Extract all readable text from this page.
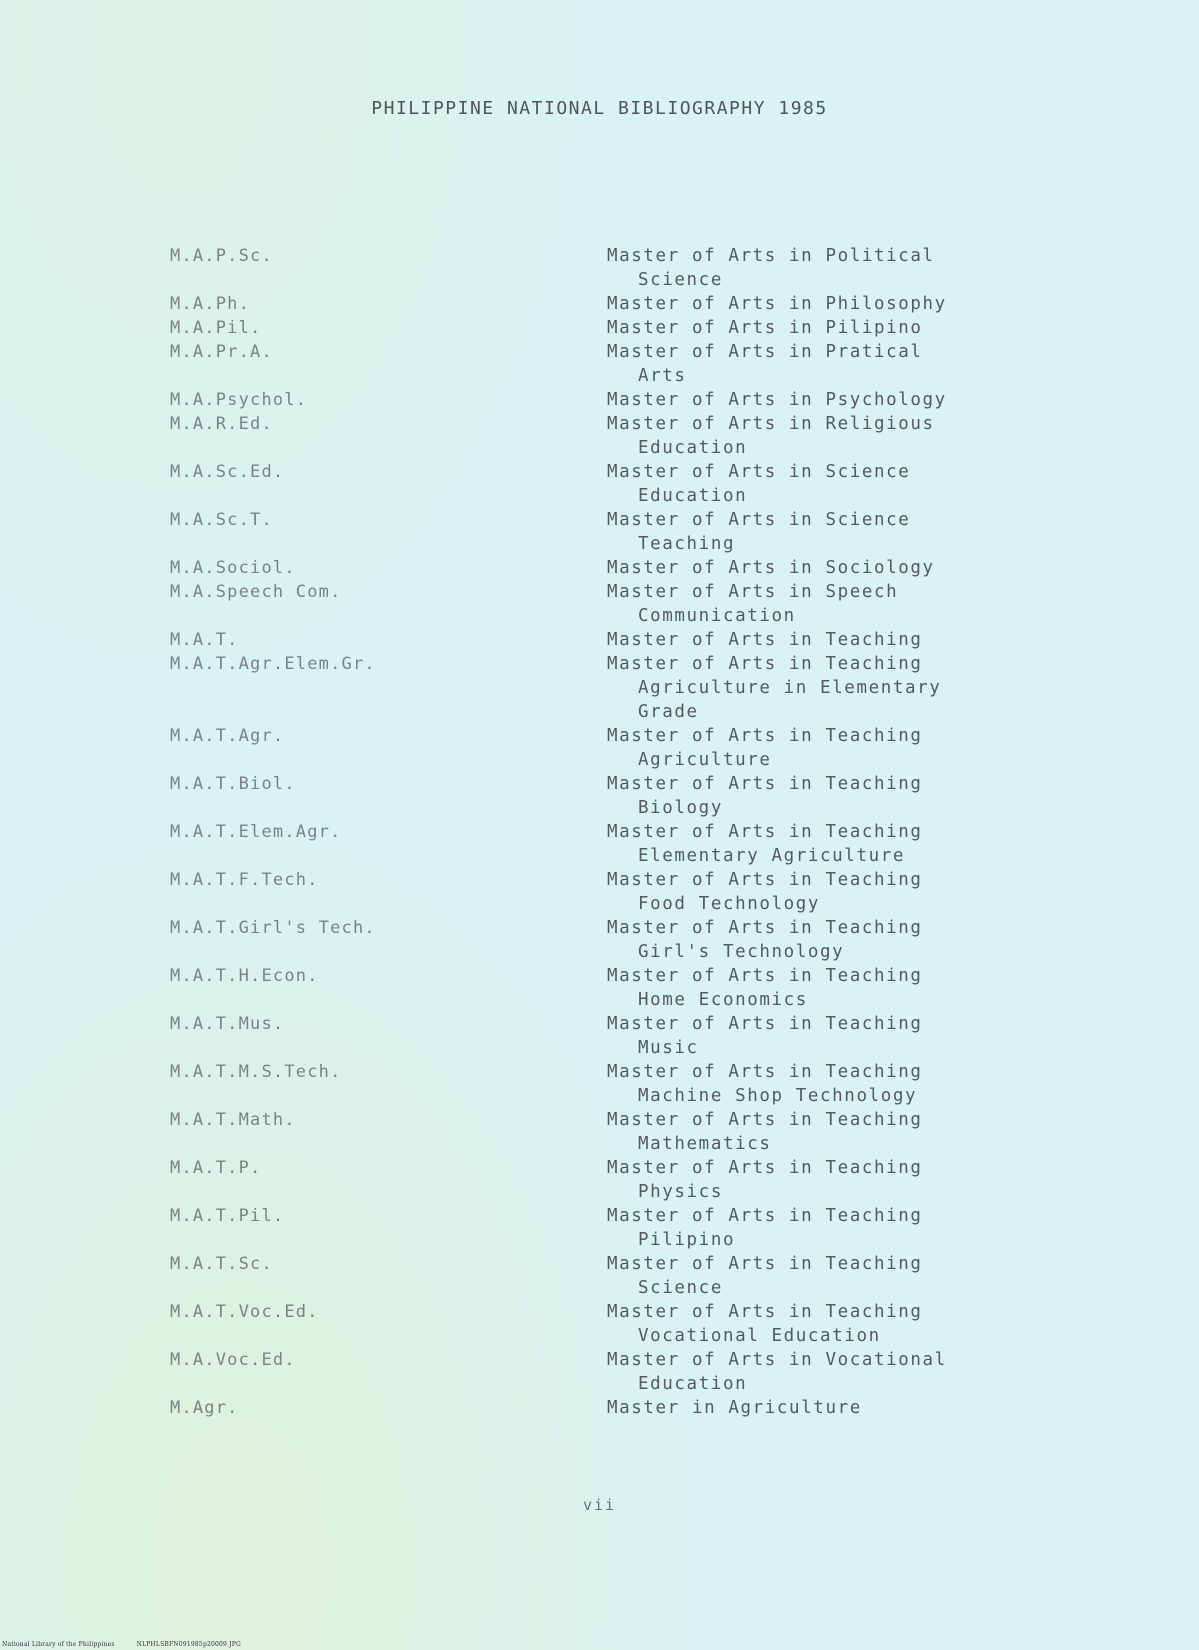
PHILIPPINE NATIONAL BIBLIOGRAPHY 1985
M.A.P.Sc.	Master of Arts in Political
Science
M.A.Ph.	Master of Arts in Philosophy
M.A.Pil.	Master of Arts in Pilipino
M.A.Pr.A.	Master of Arts in Pratical
Arts
M.A.Psychol.	Master of Arts in Psychology
M.A.R.Ed.	Master of Arts in Religious
Education
M.A.Sc.Ed.	Master of Arts in Science
Education
M.A.Sc.T.	Master of Arts in Science
Teaching
M.A.Sociol.	Master of Arts in Sociology
M.A.Speech Com.	Master of Arts in Speech
Communication
M.A.T.	Master of Arts in Teaching
M.A.T.Agr.Elem.Gr.	Master of Arts in Teaching
Agriculture in Elementary
Grade
M.A.T.Agr.	Master of Arts in Teaching
Agriculture
M.A.T.Biol.	Master of Arts in Teaching
Biology
M.A.T.Elem.Agr.	Master of Arts in Teaching
Elementary Agriculture
M.A.T.F.Tech.	Master of Arts in Teaching
Food Technology
M.A.T.Girl's Tech.	Master of Arts in Teaching
Girl's Technology
M.A.T.H.Econ.	Master of Arts in Teaching
Home Economics
M.A.T.Mus.	Master of Arts in Teaching
Music
M.A.T.M.S.Tech.	Master of Arts in Teaching
Machine Shop Technology
M.A.T.Math.	Master of Arts in Teaching
Mathematics
M.A.T.P.	Master of Arts in Teaching
Physics
M.A.T.Pil.	Master of Arts in Teaching
Pilipino
M.A.T.Sc.	Master of Arts in Teaching
Science
M.A.T.Voc.Ed.	Master of Arts in Teaching
Vocational Education
M.A.Voc.Ed.	Master of Arts in Vocational
Education
M.Agr.	Master in Agriculture
vii
National Library of the Philippines	NLPHLSBFN091985p20009 JPG
